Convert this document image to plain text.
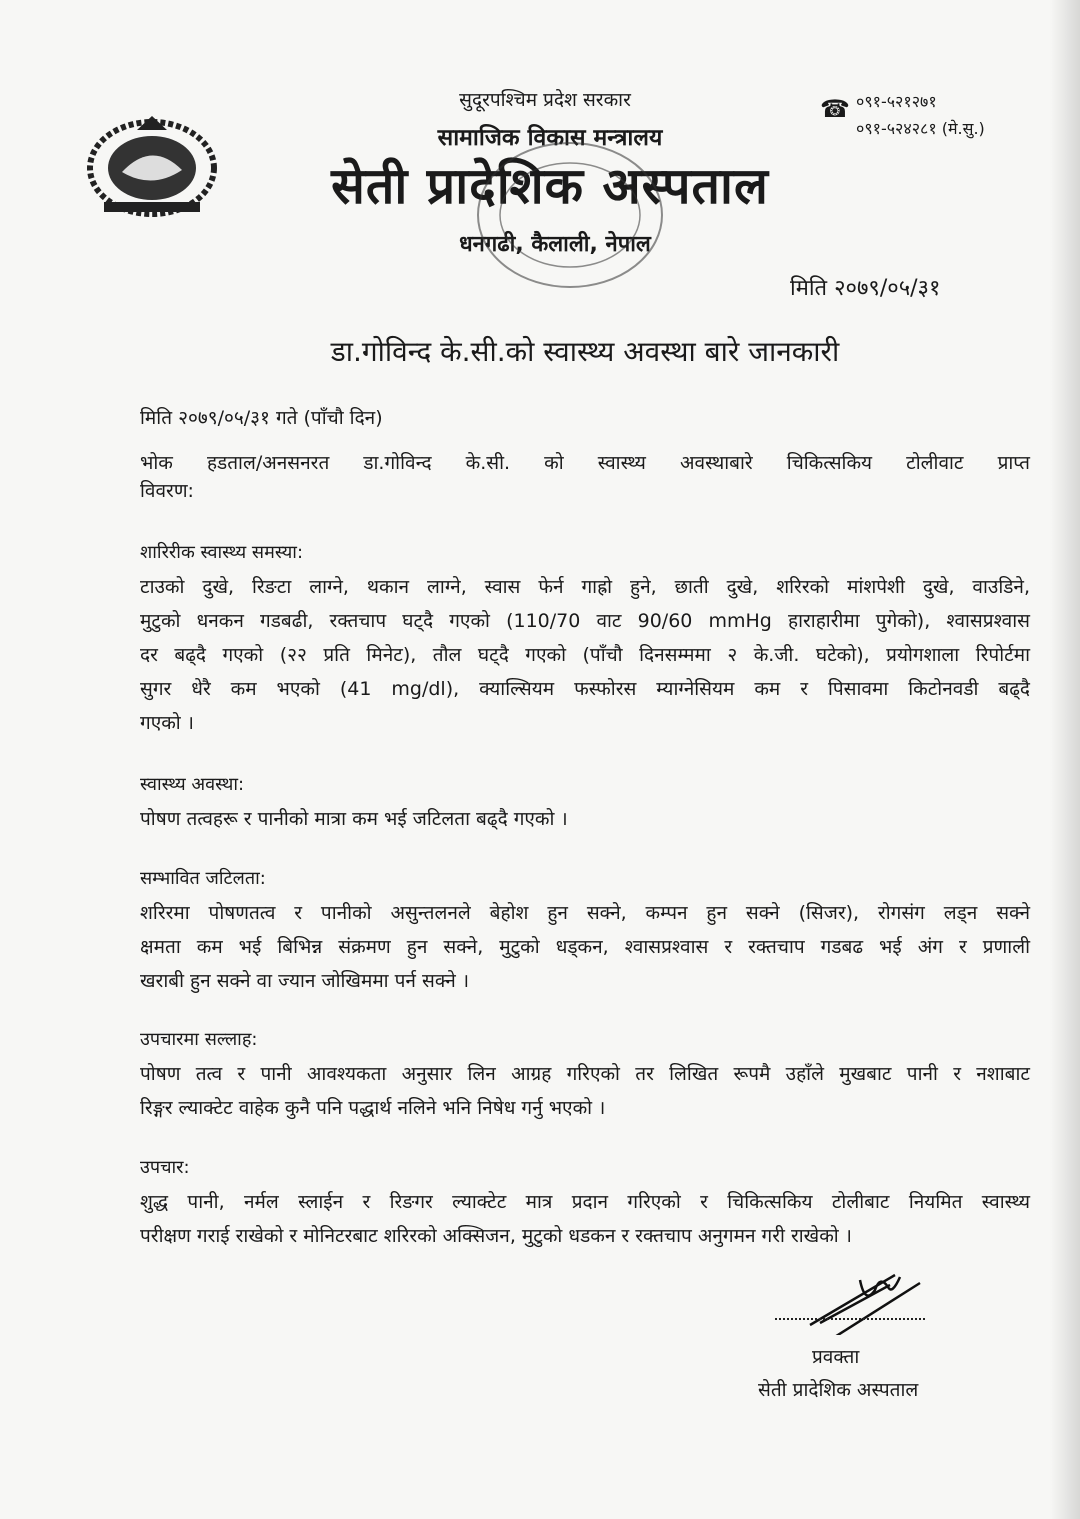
सुदूरपश्चिम प्रदेश सरकार
सामाजिक विकास मन्त्रालय
सेती प्रादेशिक अस्पताल
धनगढी, कैलाली, नेपाल
☎ ०९१-५२१२७१
०९१-५२४२८१ (मे.सु.)
मिति २०७९/०५/३१
डा.गोविन्द के.सी.को स्वास्थ्य अवस्था बारे जानकारी
मिति २०७९/०५/३१ गते (पाँचौ दिन)
भोक हडताल/अनसनरत डा.गोविन्द के.सी. को स्वास्थ्य अवस्थाबारे चिकित्सकिय टोलीवाट प्राप्त
विवरण:
शारिरीक स्वास्थ्य समस्या:
टाउको दुखे, रिङटा लाग्ने, थकान लाग्ने, स्वास फेर्न गाह्रो हुने, छाती दुखे, शरिरको मांशपेशी दुखे, वाउडिने,
मुटुको धनकन गडबढी, रक्तचाप घट्दै गएको (110/70 वाट 90/60 mmHg हाराहारीमा पुगेको), श्वासप्रश्वास
दर बढ्दै गएको (२२ प्रति मिनेट), तौल घट्दै गएको (पाँचौ दिनसम्ममा २ के.जी. घटेको), प्रयोगशाला रिपोर्टमा
सुगर धेरै कम भएको (41 mg/dl), क्याल्सियम फस्फोरस म्याग्नेसियम कम र पिसावमा किटोनवडी बढ्दै
गएको ।
स्वास्थ्य अवस्था:
पोषण तत्वहरू र पानीको मात्रा कम भई जटिलता बढ्दै गएको ।
सम्भावित जटिलता:
शरिरमा पोषणतत्व र पानीको असुन्तलनले बेहोश हुन सक्ने, कम्पन हुन सक्ने (सिजर), रोगसंग लड्न सक्ने
क्षमता कम भई बिभिन्न संक्रमण हुन सक्ने, मुटुको धड्कन, श्वासप्रश्वास र रक्तचाप गडबढ भई अंग र प्रणाली
खराबी हुन सक्ने वा ज्यान जोखिममा पर्न सक्ने ।
उपचारमा सल्लाह:
पोषण तत्व र पानी आवश्यकता अनुसार लिन आग्रह गरिएको तर लिखित रूपमै उहाँले मुखबाट पानी र नशाबाट
रिङ्गर ल्याक्टेट वाहेक कुनै पनि पद्धार्थ नलिने भनि निषेध गर्नु भएको ।
उपचार:
शुद्ध पानी, नर्मल स्लाईन र रिङगर ल्याक्टेट मात्र प्रदान गरिएको र चिकित्सकिय टोलीबाट नियमित स्वास्थ्य
परीक्षण गराई राखेको र मोनिटरबाट शरिरको अक्सिजन, मुटुको धडकन र रक्तचाप अनुगमन गरी राखेको ।
प्रवक्ता
सेती प्रादेशिक अस्पताल
